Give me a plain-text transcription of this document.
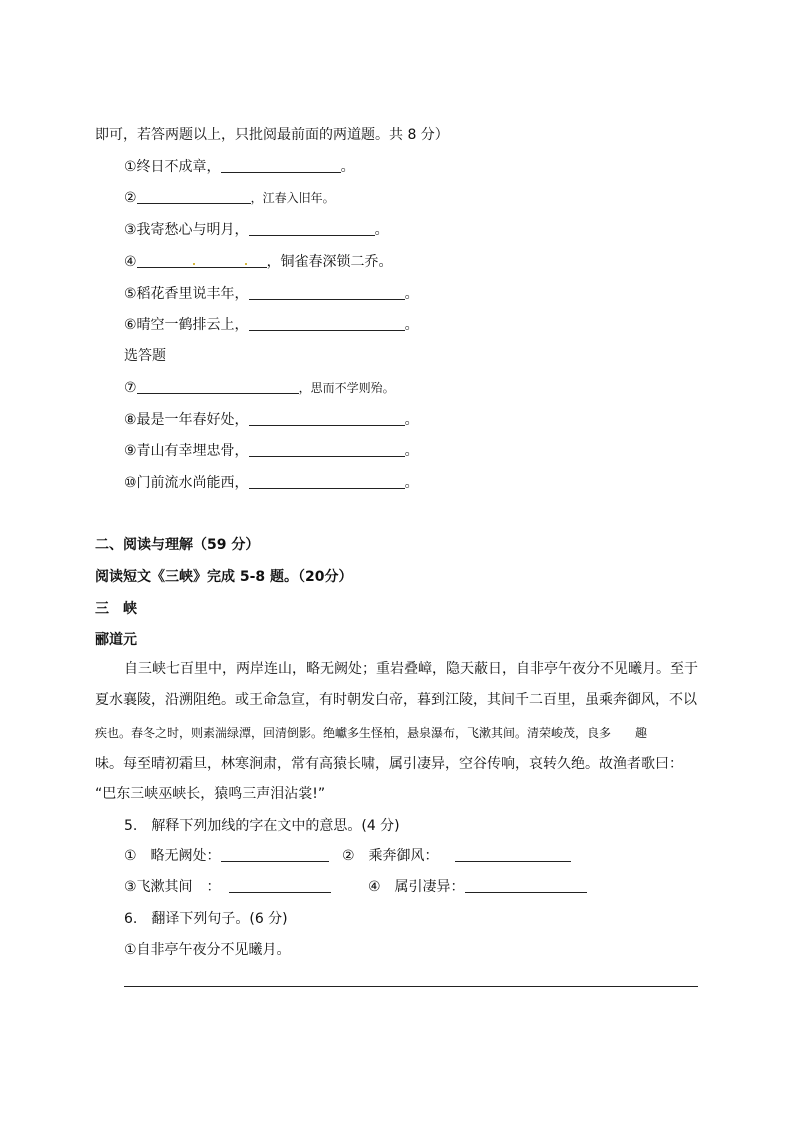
即可，若答两题以上，只批阅最前面的两道题。共 8 分）
①终日不成章，	。
②	，江春入旧年。
③我寄愁心与明月，	。
④	，铜雀春深锁二乔。
⑤稻花香里说丰年，	。
⑥晴空一鹤排云上，	。
选答题
⑦	，思而不学则殆。
⑧最是一年春好处，	。
⑨青山有幸埋忠骨，	。
⑩门前流水尚能西，	。
二、阅读与理解（59 分）
阅读短文《三峡》完成 5-8 题。（20分）
三　峡
郦道元
自三峡七百里中，两岸连山，略无阙处；重岩叠嶂，隐天蔽日，自非亭午夜分不见曦月。至于
夏水襄陵，沿溯阻绝。或王命急宣，有时朝发白帝，暮到江陵，其间千二百里，虽乘奔御风，不以
疾也。春冬之时，则素湍绿潭，回清倒影。绝巘多生怪柏，悬泉瀑布，飞漱其间。清荣峻茂，良多　　趣
味。每至晴初霜旦，林寒涧肃，常有高猿长啸，属引凄异，空谷传响，哀转久绝。故渔者歌曰：
“巴东三峡巫峡长，猿鸣三声泪沾裳!”
5.　解释下列加线的字在文中的意思。(4 分)
①　略无阙处：	②　乘奔御风：
③飞漱其间　：	④　属引凄异：
6.　翻译下列句子。(6 分)
①自非亭午夜分不见曦月。
